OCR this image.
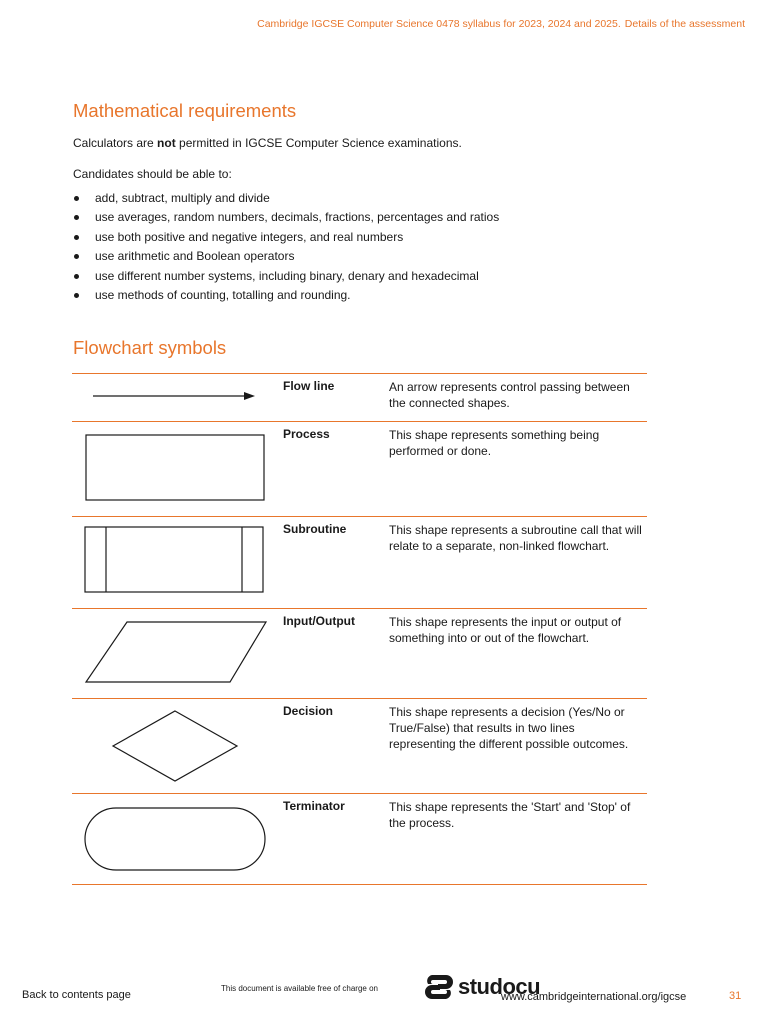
Cambridge IGCSE Computer Science 0478 syllabus for 2023, 2024 and 2025. Details of the assessment
Mathematical requirements

Calculators are not permitted in IGCSE Computer Science examinations.

Candidates should be able to:

add, subtract, multiply and divide
use averages, random numbers, decimals, fractions, percentages and ratios
use both positive and negative integers, and real numbers
use arithmetic and Boolean operators
use different number systems, including binary, denary and hexadecimal
use methods of counting, totalling and rounding.
Flowchart symbols
Flow line	An arrow represents control passing between the connected shapes.
Process	This shape represents something being performed or done.
Subroutine	This shape represents a subroutine call that will relate to a separate, non-linked flowchart.
Input/Output	This shape represents the input or output of something into or out of the flowchart.
Decision	This shape represents a decision (Yes/No or True/False) that results in two lines representing the different possible outcomes.
Terminator	This shape represents the 'Start' and 'Stop' of the process.
Back to contents page
This document is available free of charge on	studocu
www.cambridgeinternational.org/igcse	31
